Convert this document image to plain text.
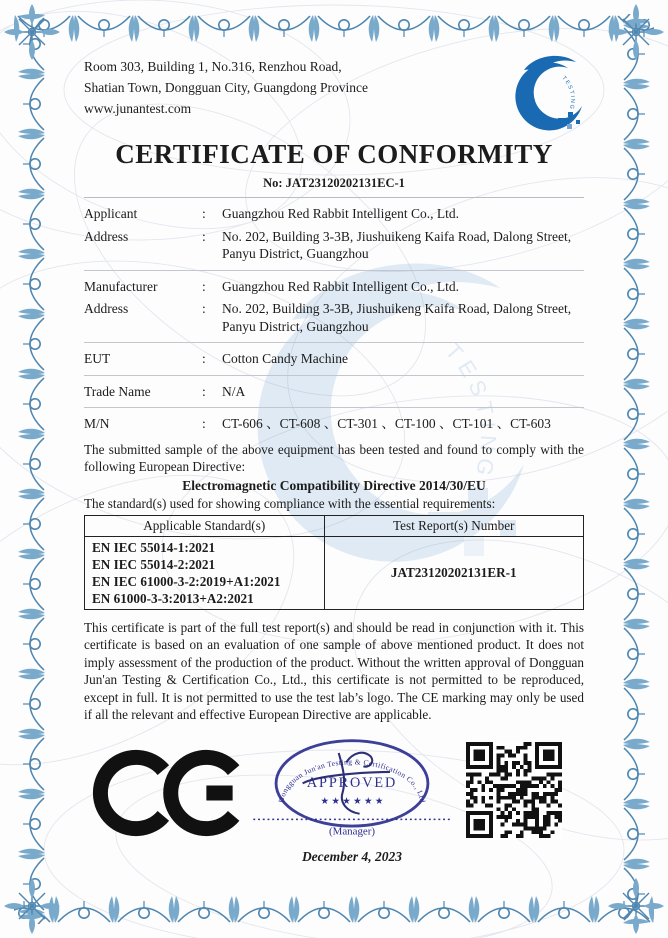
Room 303, Building 1, No.316, Renzhou Road,
Shatian Town, Dongguan City, Guangdong Province
www.junantest.com
CERTIFICATE OF CONFORMITY
No: JAT23120202131EC-1
Applicant	:	Guangzhou Red Rabbit Intelligent Co., Ltd.
Address	:	No. 202, Building 3-3B, Jiushuikeng Kaifa Road, Dalong Street, Panyu District, Guangzhou
Manufacturer	:	Guangzhou Red Rabbit Intelligent Co., Ltd.
Address	:	No. 202, Building 3-3B, Jiushuikeng Kaifa Road, Dalong Street, Panyu District, Guangzhou
EUT	:	Cotton Candy Machine
Trade Name	:	N/A
M/N	:	CT-606 、CT-608 、CT-301 、CT-100 、CT-101 、CT-603
The submitted sample of the above equipment has been tested and found to comply with the following European Directive:
Electromagnetic Compatibility Directive 2014/30/EU
The standard(s) used for showing compliance with the essential requirements:
Applicable Standard(s)	Test Report(s) Number

EN IEC 55014-1:2021
EN IEC 55014-2:2021
EN IEC 61000-3-2:2019+A1:2021
EN 61000-3-3:2013+A2:2021	JAT23120202131ER-1
This certificate is part of the full test report(s) and should be read in conjunction with it. This certificate is based on an evaluation of one sample of above mentioned product. It does not imply assessment of the production of the product. Without the written approval of Dongguan Jun'an Testing & Certification Co., Ltd., this certificate is not permitted to be reproduced, except in full. It is not permitted to use the test lab’s logo. The CE marking may only be used if all the relevant and effective European Directive are applicable.
Dongguan Jun'an Testing & Certification Co., Ltd
APPROVED
★ ★ ★ ★ ★ ★
(Manager)
December 4, 2023
